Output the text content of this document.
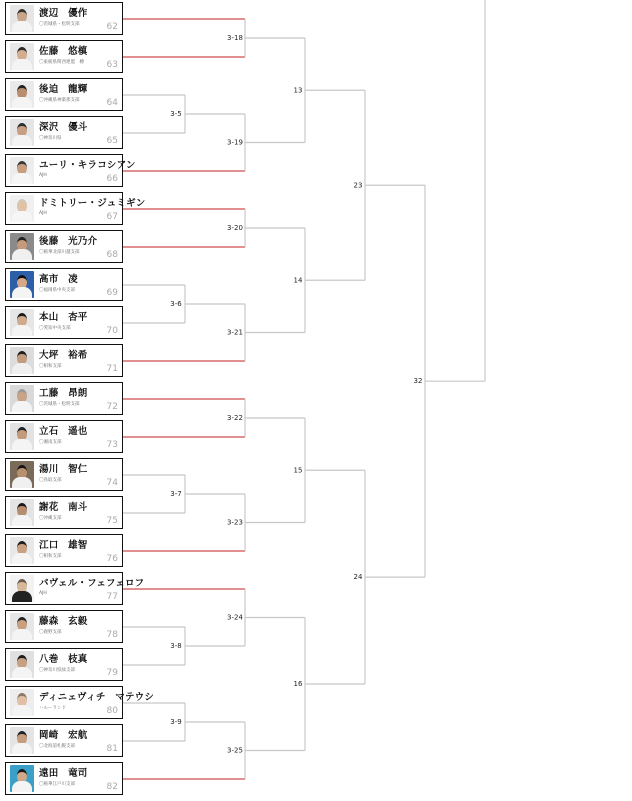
渡辺　優作
〇茨城県・松明支部	62
佐藤　悠槙
〇東栃県関西連盟　樽	63
後迫　龍輝
〇沖縄県神楽那支部	64
深沢　優斗
〇神奈川県	65
ユーリ・キラコシアン
AJH	66
ドミトリー・ジュミギン
AJH	67
後藤　光乃介
〇栃華北部川越支部	68
高市　凌
〇福岡県中央支部	69
本山　杏平
〇愛知中央支部	70
大坪　裕希
〇相和支部	71
工藤　昂朗
〇茨城県・松明支部	72
立石　遥也
〇湘南支部	73
湯川　智仁
〇鳥取支部	74
謝花　南斗
〇沖縄支部	75
江口　雄智
〇相和支部	76
パヴェル・フェフェロフ
AJH	77
藤森　玄毅
〇鹿野支部	78
八巻　枝真
〇神奈川県緑支部	79
ディニェヴィチ　マテウシ
ハルーランド	80
岡崎　宏航
〇北海道札幌支部	81
遠田　竜司
〇栃華江戸川支部	82
3-18
3-5
3-19
13
3-20
3-6
3-21
14
23
3-22
3-7
3-23
15
3-8
3-24
3-9
3-25
16
24
32
